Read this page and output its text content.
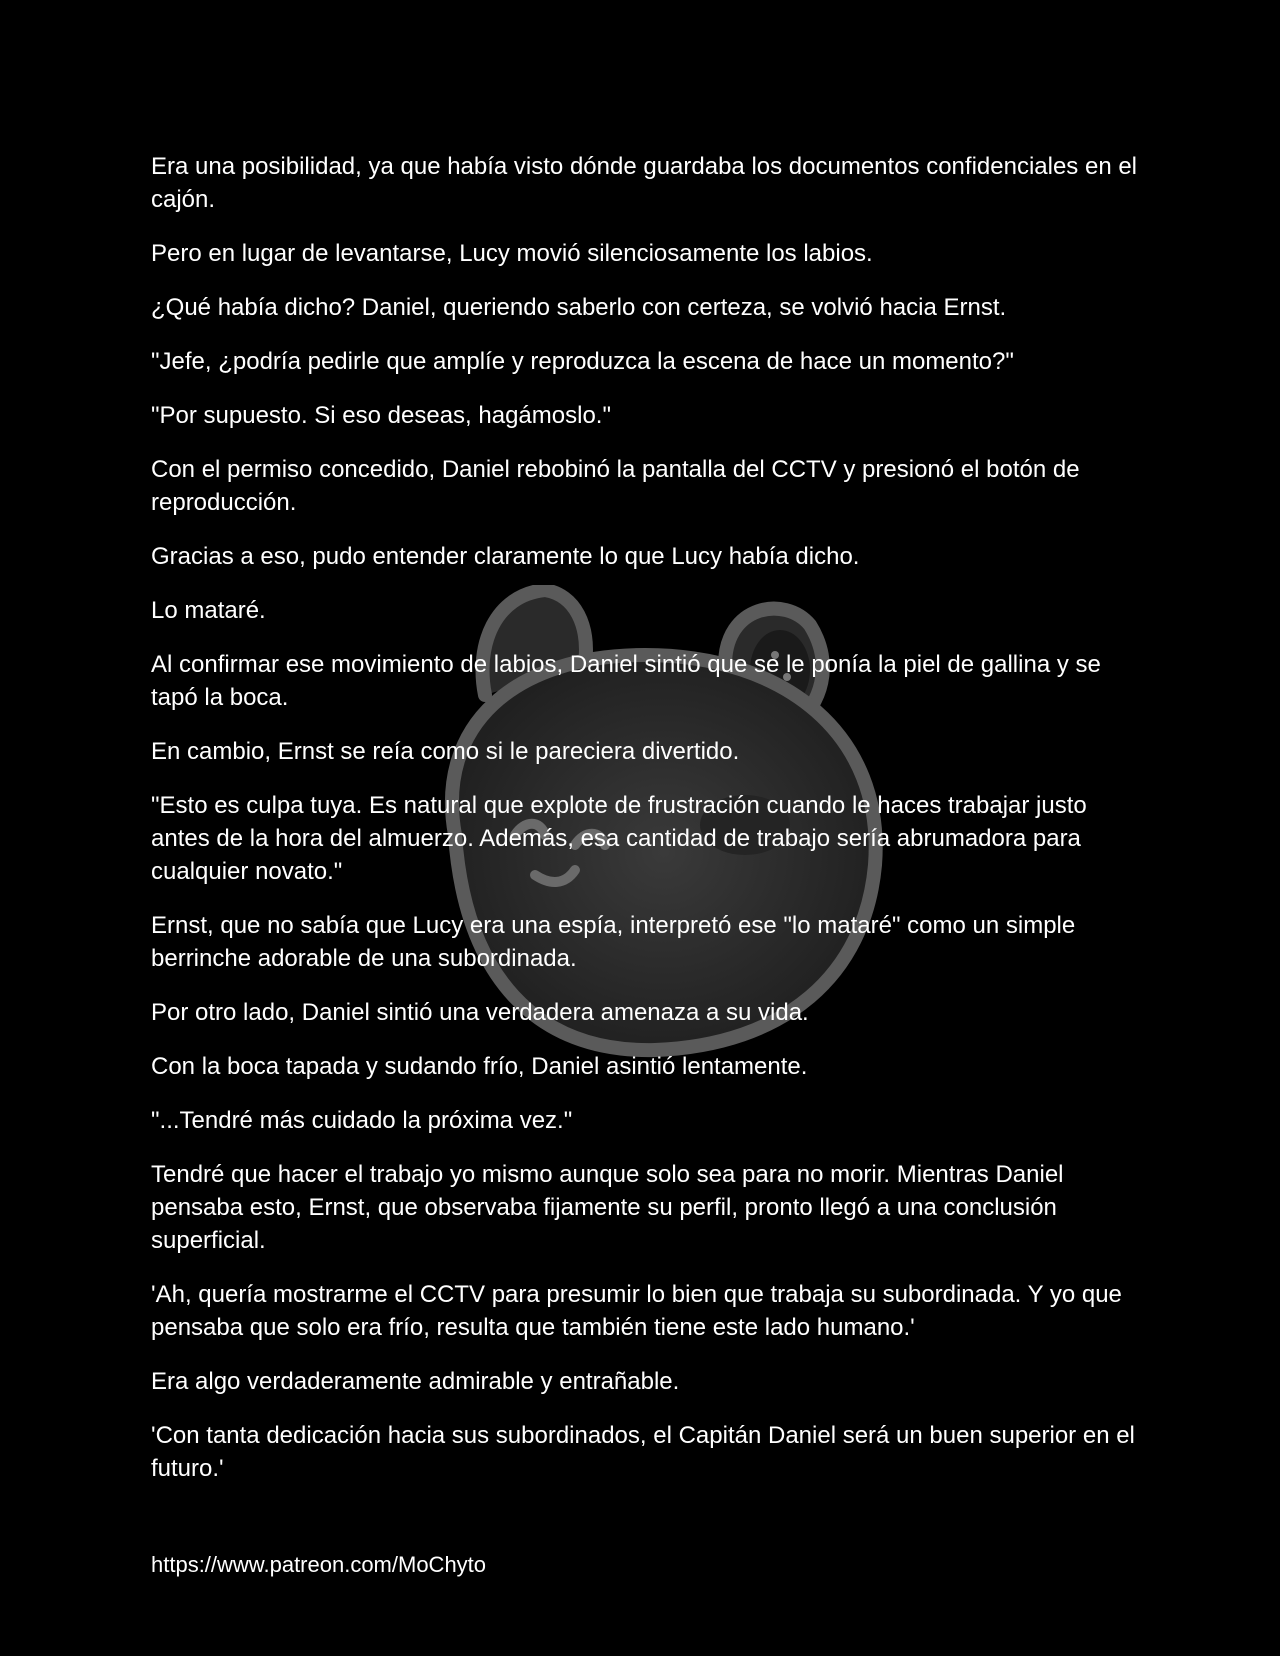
Era una posibilidad, ya que había visto dónde guardaba los documentos confidenciales en el cajón.

Pero en lugar de levantarse, Lucy movió silenciosamente los labios.

¿Qué había dicho? Daniel, queriendo saberlo con certeza, se volvió hacia Ernst.

"Jefe, ¿podría pedirle que amplíe y reproduzca la escena de hace un momento?"

"Por supuesto. Si eso deseas, hagámoslo."

Con el permiso concedido, Daniel rebobinó la pantalla del CCTV y presionó el botón de reproducción.

Gracias a eso, pudo entender claramente lo que Lucy había dicho.

Lo mataré.

Al confirmar ese movimiento de labios, Daniel sintió que se le ponía la piel de gallina y se tapó la boca.

En cambio, Ernst se reía como si le pareciera divertido.

"Esto es culpa tuya. Es natural que explote de frustración cuando le haces trabajar justo antes de la hora del almuerzo. Además, esa cantidad de trabajo sería abrumadora para cualquier novato."

Ernst, que no sabía que Lucy era una espía, interpretó ese "lo mataré" como un simple berrinche adorable de una subordinada.

Por otro lado, Daniel sintió una verdadera amenaza a su vida.

Con la boca tapada y sudando frío, Daniel asintió lentamente.

"...Tendré más cuidado la próxima vez."

Tendré que hacer el trabajo yo mismo aunque solo sea para no morir. Mientras Daniel pensaba esto, Ernst, que observaba fijamente su perfil, pronto llegó a una conclusión superficial.

'Ah, quería mostrarme el CCTV para presumir lo bien que trabaja su subordinada. Y yo que pensaba que solo era frío, resulta que también tiene este lado humano.'

Era algo verdaderamente admirable y entrañable.

'Con tanta dedicación hacia sus subordinados, el Capitán Daniel será un buen superior en el futuro.'

https://www.patreon.com/MoChyto
